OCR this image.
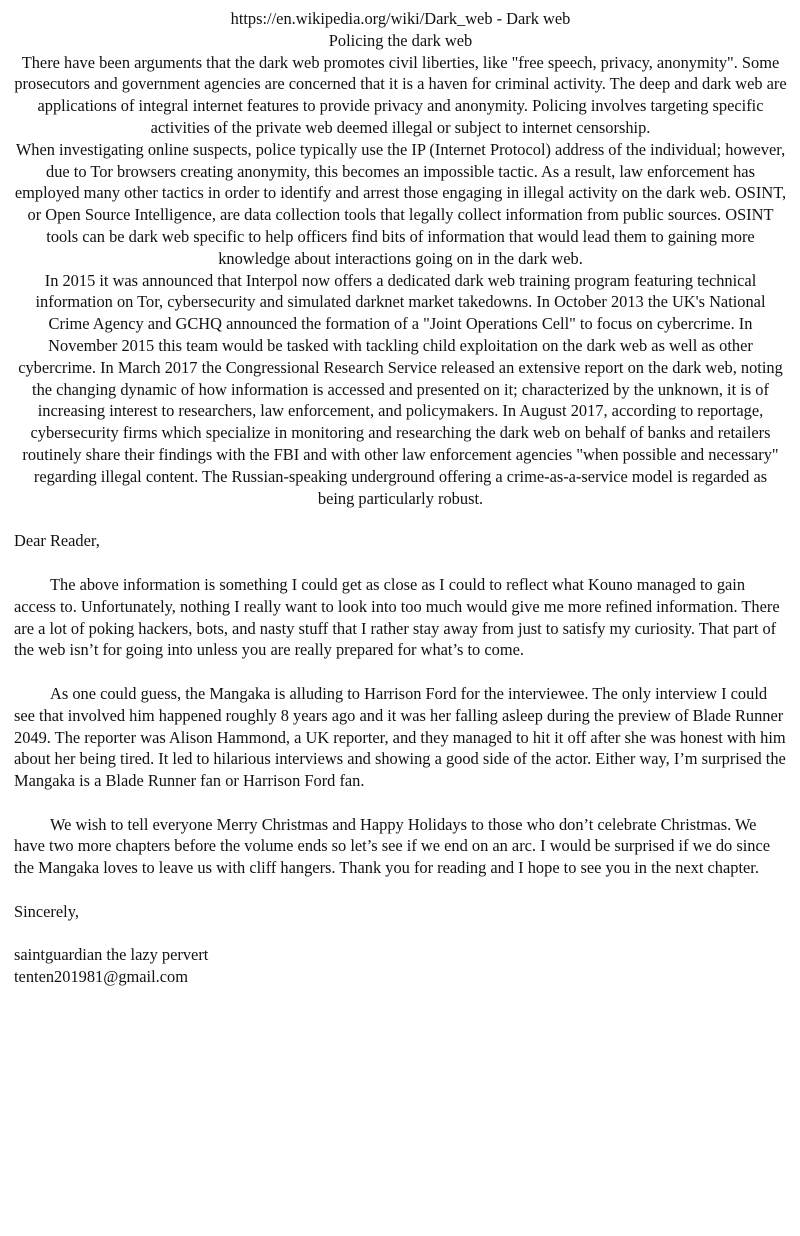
https://en.wikipedia.org/wiki/Dark_web - Dark web

Policing the dark web

There have been arguments that the dark web promotes civil liberties, like "free speech, privacy, anonymity". Some prosecutors and government agencies are concerned that it is a haven for criminal activity. The deep and dark web are applications of integral internet features to provide privacy and anonymity. Policing involves targeting specific activities of the private web deemed illegal or subject to internet censorship.

When investigating online suspects, police typically use the IP (Internet Protocol) address of the individual; however, due to Tor browsers creating anonymity, this becomes an impossible tactic. As a result, law enforcement has employed many other tactics in order to identify and arrest those engaging in illegal activity on the dark web. OSINT, or Open Source Intelligence, are data collection tools that legally collect information from public sources. OSINT tools can be dark web specific to help officers find bits of information that would lead them to gaining more knowledge about interactions going on in the dark web.

In 2015 it was announced that Interpol now offers a dedicated dark web training program featuring technical information on Tor, cybersecurity and simulated darknet market takedowns. In October 2013 the UK's National Crime Agency and GCHQ announced the formation of a "Joint Operations Cell" to focus on cybercrime. In November 2015 this team would be tasked with tackling child exploitation on the dark web as well as other cybercrime. In March 2017 the Congressional Research Service released an extensive report on the dark web, noting the changing dynamic of how information is accessed and presented on it; characterized by the unknown, it is of increasing interest to researchers, law enforcement, and policymakers. In August 2017, according to reportage, cybersecurity firms which specialize in monitoring and researching the dark web on behalf of banks and retailers routinely share their findings with the FBI and with other law enforcement agencies "when possible and necessary" regarding illegal content. The Russian-speaking underground offering a crime-as-a-service model is regarded as being particularly robust.

Dear Reader,

The above information is something I could get as close as I could to reflect what Kouno managed to gain access to. Unfortunately, nothing I really want to look into too much would give me more refined information. There are a lot of poking hackers, bots, and nasty stuff that I rather stay away from just to satisfy my curiosity. That part of the web isn’t for going into unless you are really prepared for what’s to come.

As one could guess, the Mangaka is alluding to Harrison Ford for the interviewee. The only interview I could see that involved him happened roughly 8 years ago and it was her falling asleep during the preview of Blade Runner 2049. The reporter was Alison Hammond, a UK reporter, and they managed to hit it off after she was honest with him about her being tired. It led to hilarious interviews and showing a good side of the actor. Either way, I’m surprised the Mangaka is a Blade Runner fan or Harrison Ford fan.

We wish to tell everyone Merry Christmas and Happy Holidays to those who don’t celebrate Christmas. We have two more chapters before the volume ends so let’s see if we end on an arc. I would be surprised if we do since the Mangaka loves to leave us with cliff hangers. Thank you for reading and I hope to see you in the next chapter.

Sincerely,

saintguardian the lazy pervert

tenten201981@gmail.com
